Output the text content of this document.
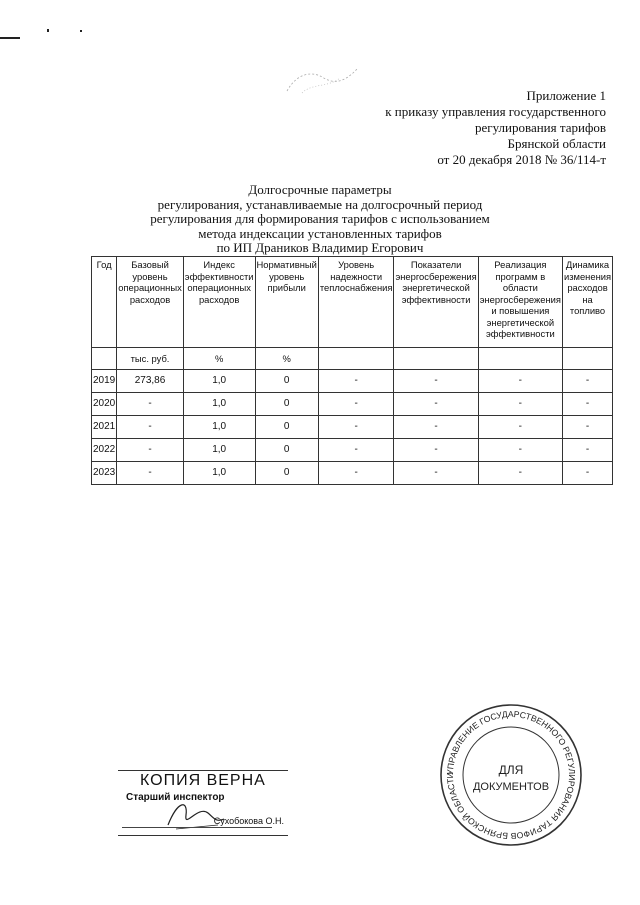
Приложение 1
к приказу управления государственного
регулирования тарифов
Брянской области
от 20 декабря 2018 № 36/114-т
Долгосрочные параметры
регулирования, устанавливаемые на долгосрочный период
регулирования для формирования тарифов с использованием
метода индексации установленных тарифов
по ИП Драников Владимир Егорович
Год	Базовый уровень операционных расходов	Индекс эффективности операционных расходов	Нормативный уровень прибыли	Уровень надежности теплоснабжения	Показатели энергосбережения энергетической эффективности	Реализация программ в области энергосбережения и повышения энергетической эффективности	Динамика изменения расходов на топливо
	тыс. руб.	%	%				
2019	273,86	1,0	0	-	-	-	-
2020	-	1,0	0	-	-	-	-
2021	-	1,0	0	-	-	-	-
2022	-	1,0	0	-	-	-	-
2023	-	1,0	0	-	-	-	-
КОПИЯ ВЕРНА
Старший инспектор
Сухобокова О.Н.
УПРАВЛЕНИЕ ГОСУДАРСТВЕННОГО РЕГУЛИРОВАНИЯ ТАРИФОВ БРЯНСКОЙ ОБЛАСТИ	ДЛЯ
ДОКУМЕНТОВ
